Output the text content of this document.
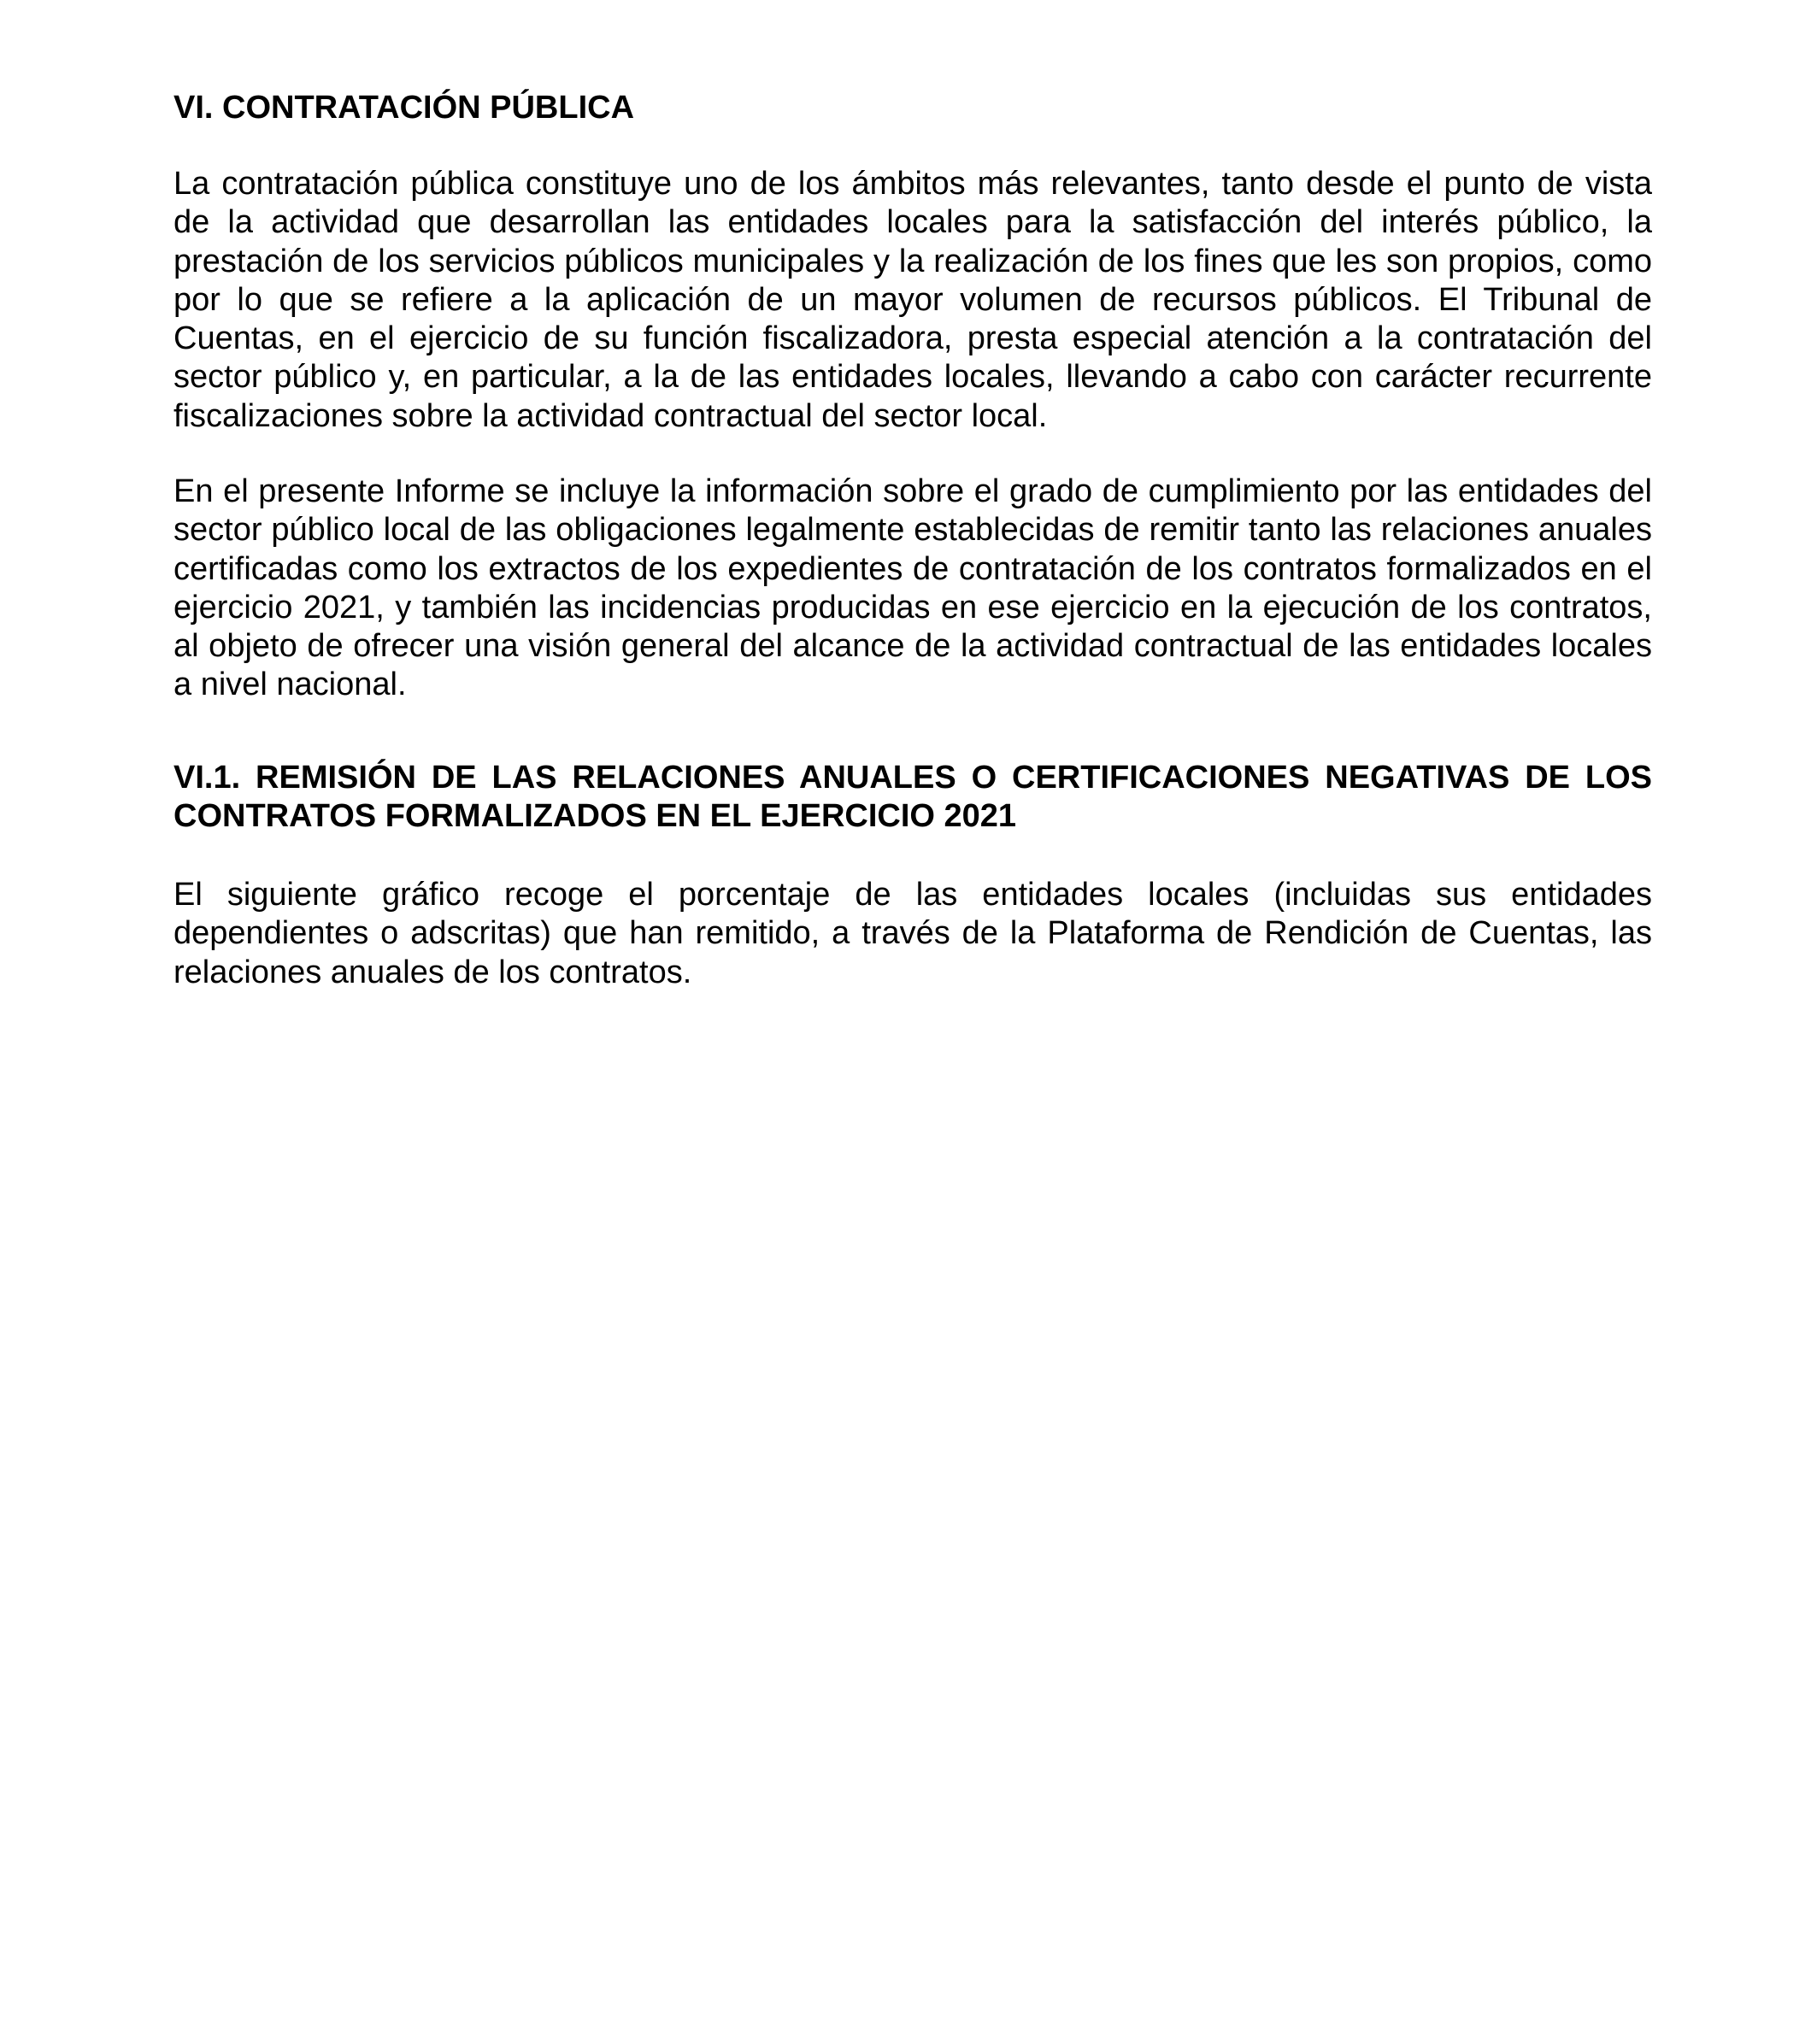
VI. CONTRATACIÓN PÚBLICA

La contratación pública constituye uno de los ámbitos más relevantes, tanto desde el punto de vista de la actividad que desarrollan las entidades locales para la satisfacción del interés público, la prestación de los servicios públicos municipales y la realización de los fines que les son propios, como por lo que se refiere a la aplicación de un mayor volumen de recursos públicos. El Tribunal de Cuentas, en el ejercicio de su función fiscalizadora, presta especial atención a la contratación del sector público y, en particular, a la de las entidades locales, llevando a cabo con carácter recurrente fiscalizaciones sobre la actividad contractual del sector local.

En el presente Informe se incluye la información sobre el grado de cumplimiento por las entidades del sector público local de las obligaciones legalmente establecidas de remitir tanto las relaciones anuales certificadas como los extractos de los expedientes de contratación de los contratos formalizados en el ejercicio 2021, y también las incidencias producidas en ese ejercicio en la ejecución de los contratos, al objeto de ofrecer una visión general del alcance de la actividad contractual de las entidades locales a nivel nacional.

VI.1. REMISIÓN DE LAS RELACIONES ANUALES O CERTIFICACIONES NEGATIVAS DE LOS CONTRATOS FORMALIZADOS EN EL EJERCICIO 2021

El siguiente gráfico recoge el porcentaje de las entidades locales (incluidas sus entidades dependientes o adscritas) que han remitido, a través de la Plataforma de Rendición de Cuentas, las relaciones anuales de los contratos.
